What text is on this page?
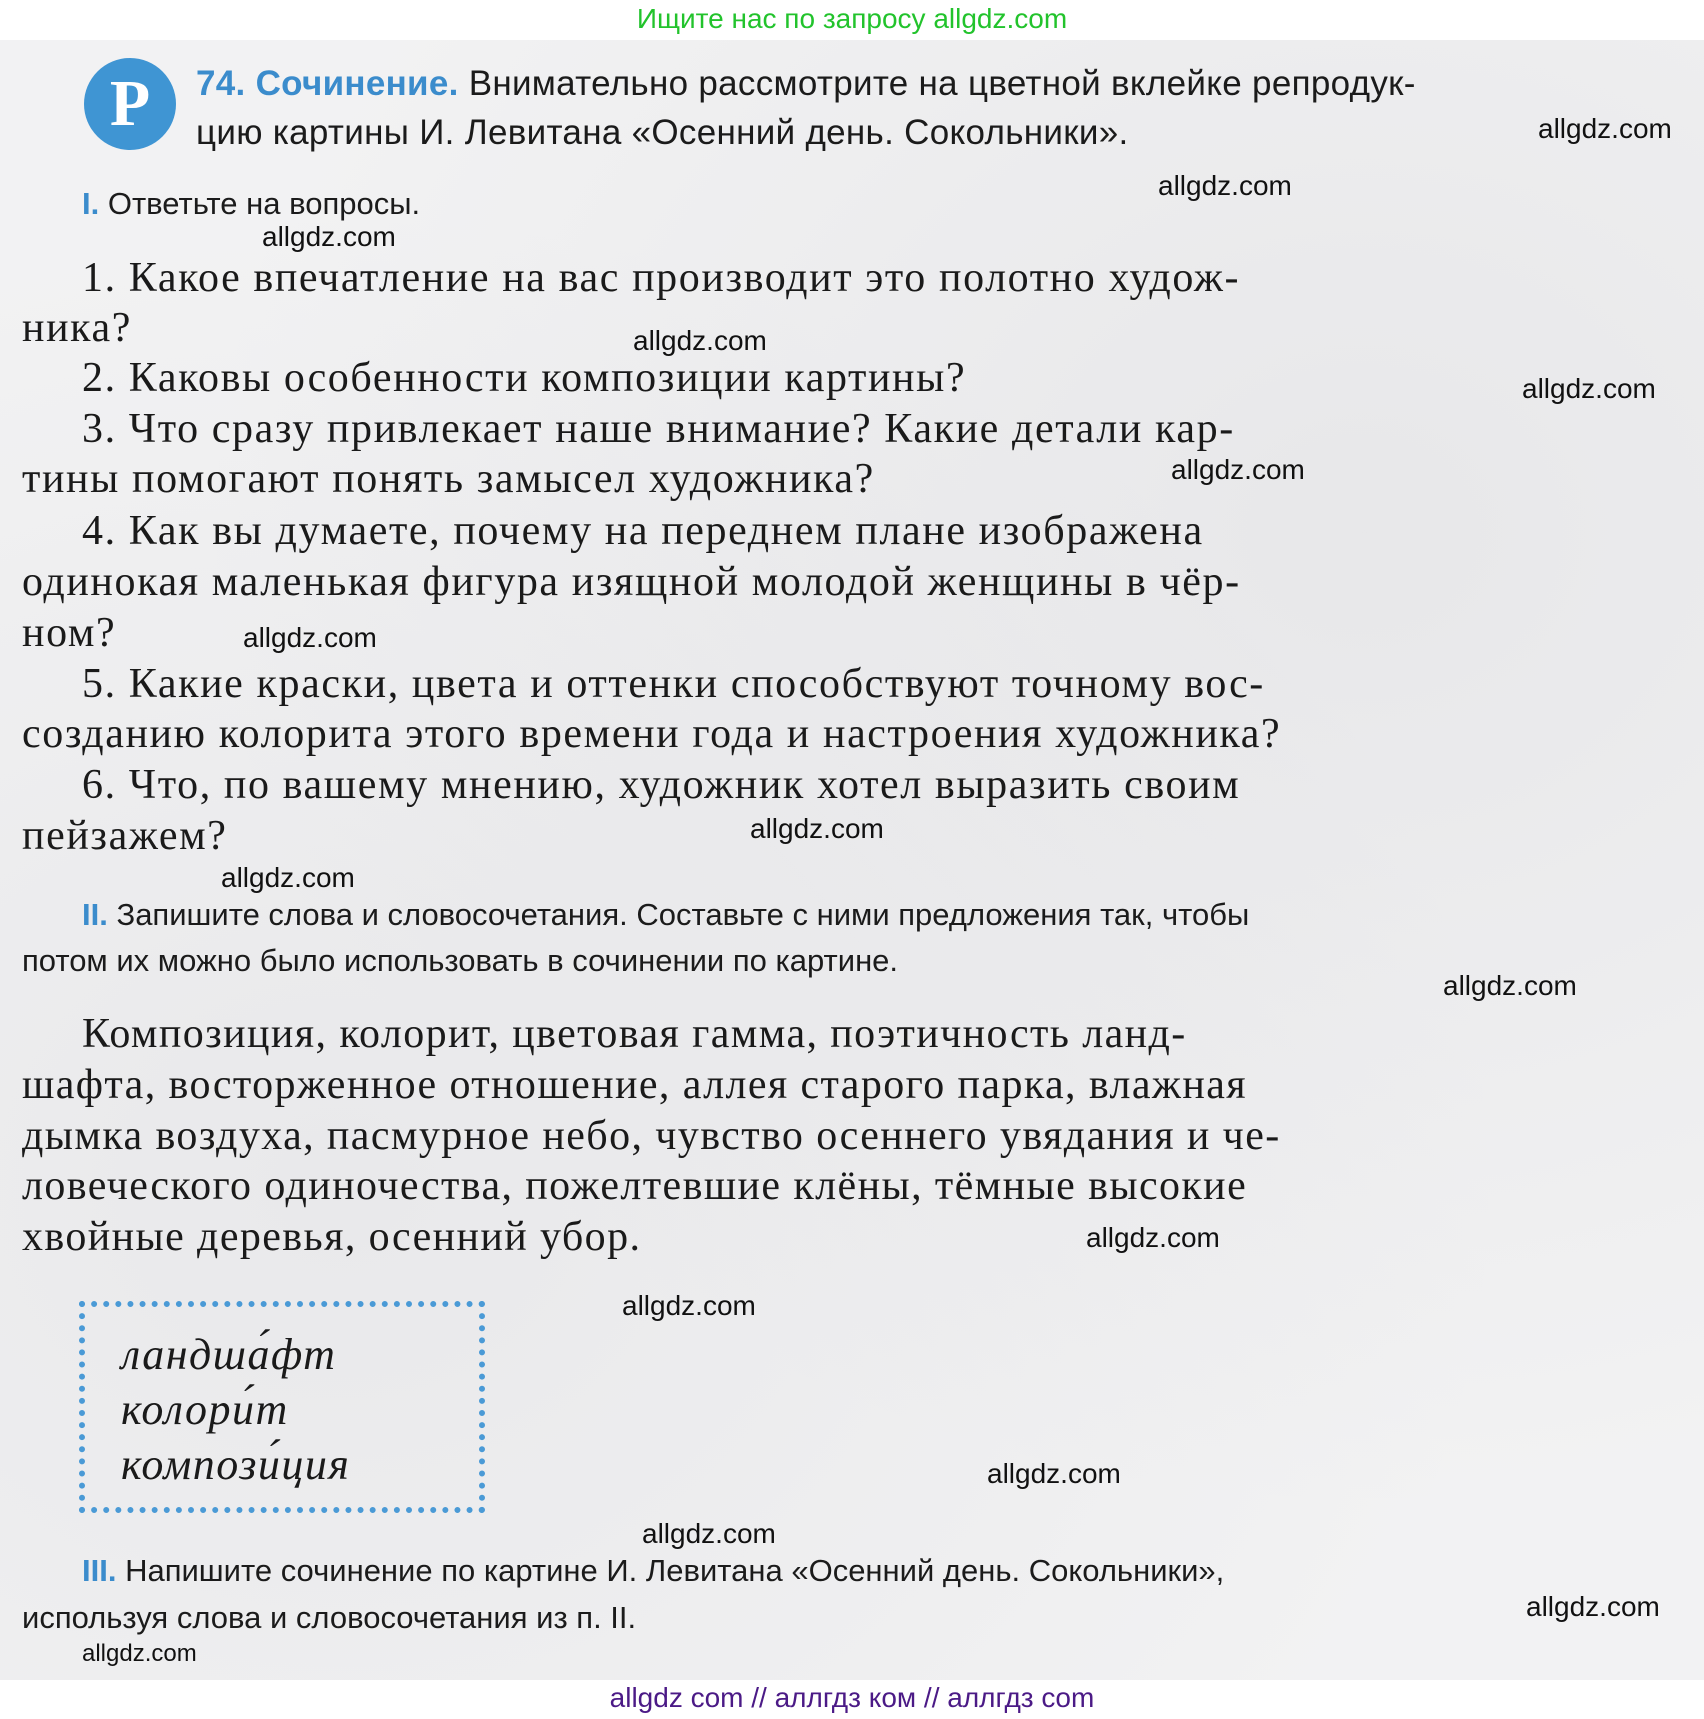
Ищите нас по запросу allgdz.com
Р	74. Сочинение. Внимательно рассмотрите на цветной вклейке репродук-
цию картины И. Левитана «Осенний день. Сокольники».
I. Ответьте на вопросы.
1. Какое впечатление на вас производит это полотно худож-
ника?
2. Каковы особенности композиции картины?
3. Что сразу привлекает наше внимание? Какие детали кар-
тины помогают понять замысел художника?
4. Как вы думаете, почему на переднем плане изображена
одинокая маленькая фигура изящной молодой женщины в чёр-
ном?
5. Какие краски, цвета и оттенки способствуют точному вос-
созданию колорита этого времени года и настроения художника?
6. Что, по вашему мнению, художник хотел выразить своим
пейзажем?
II. Запишите слова и словосочетания. Составьте с ними предложения так, чтобы
потом их можно было использовать в сочинении по картине.
Композиция, колорит, цветовая гамма, поэтичность ланд-
шафта, восторженное отношение, аллея старого парка, влажная
дымка воздуха, пасмурное небо, чувство осеннего увядания и че-
ловеческого одиночества, пожелтевшие клёны, тёмные высокие
хвойные деревья, осенний убор.
ландша́фт
колори́т
компози́ция
III. Напишите сочинение по картине И. Левитана «Осенний день. Сокольники»,
используя слова и словосочетания из п. II.
allgdz.com
allgdz.com
allgdz.com
allgdz.com
allgdz.com
allgdz.com
allgdz.com
allgdz.com
allgdz.com
allgdz.com
allgdz.com
allgdz.com
allgdz.com
allgdz.com
allgdz.com
allgdz.com
allgdz com // аллгдз ком // аллгдз com
